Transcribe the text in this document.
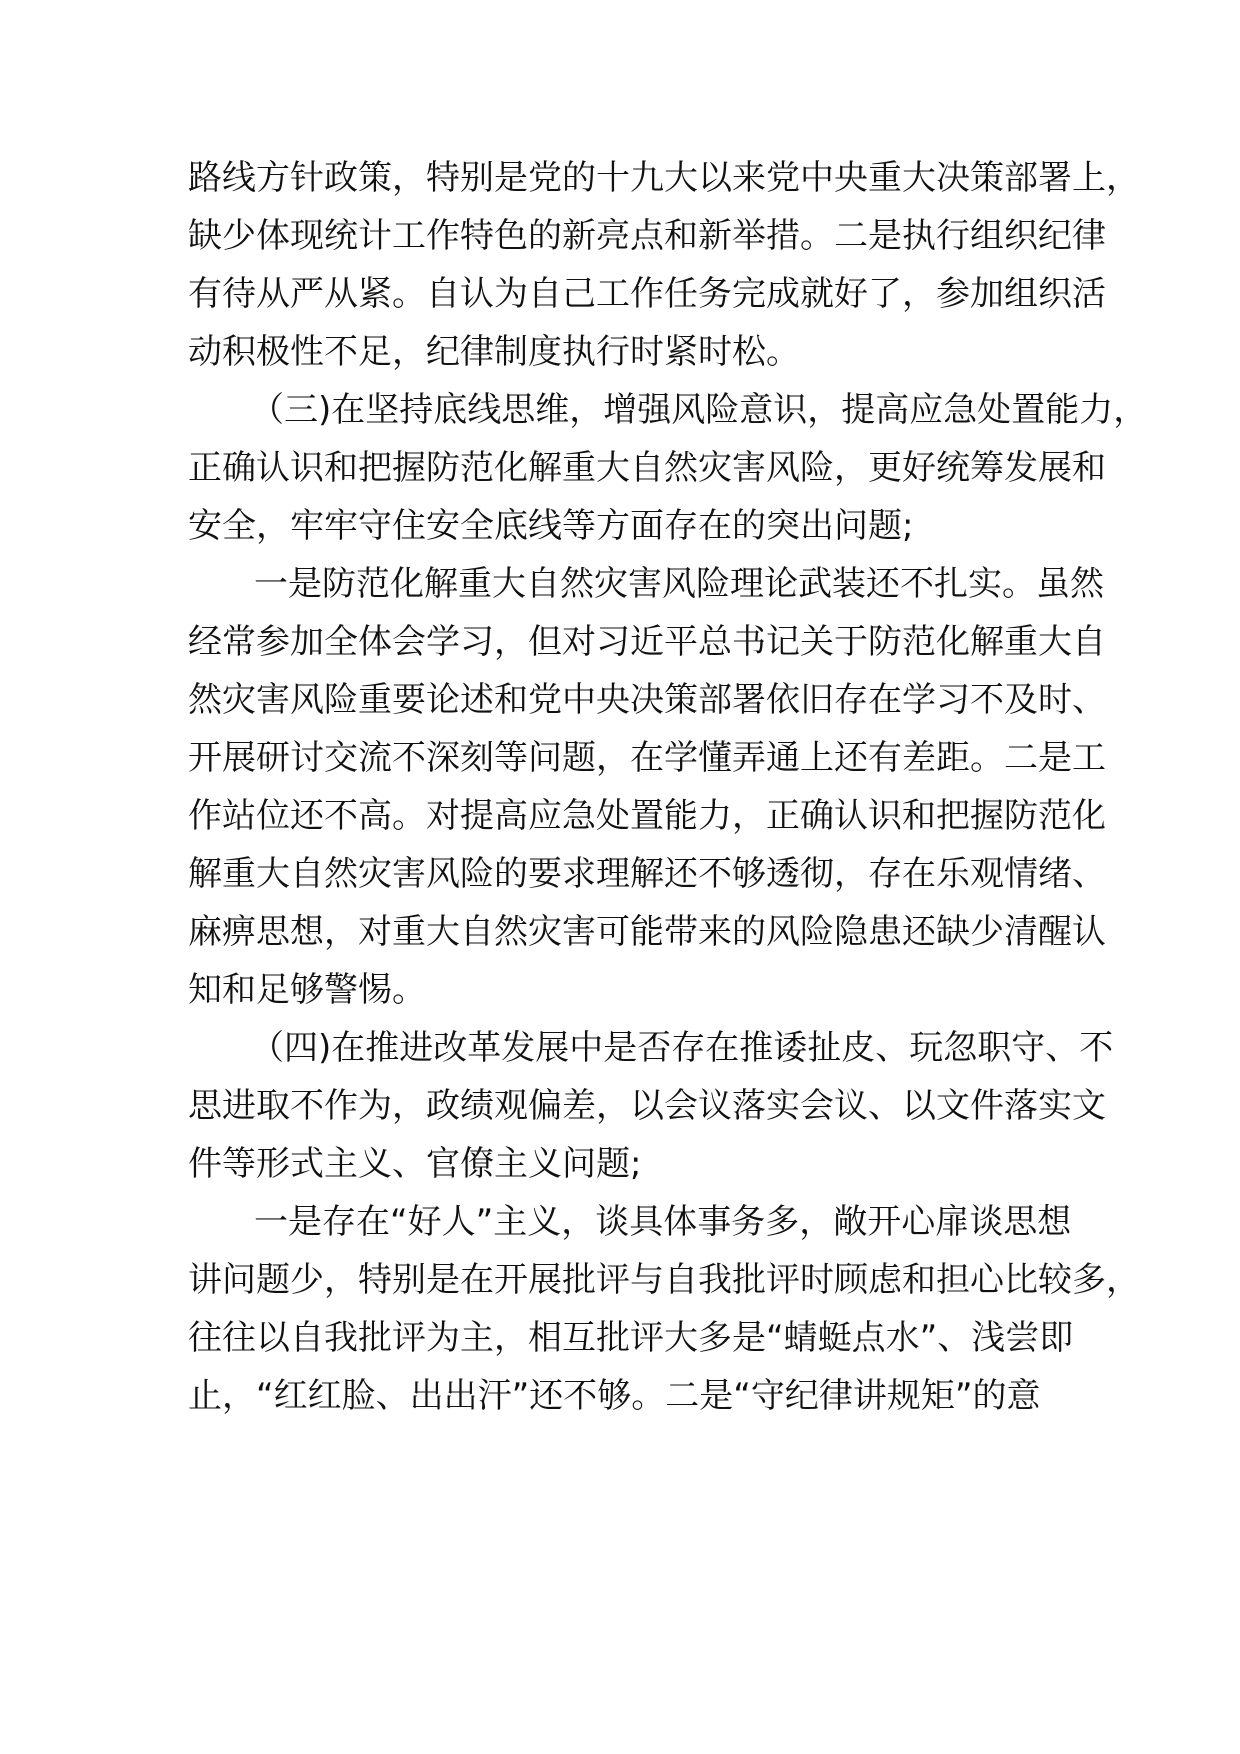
路线方针政策，特别是党的十九大以来党中央重大决策部署上，
缺少体现统计工作特色的新亮点和新举措。二是执行组织纪律
有待从严从紧。自认为自己工作任务完成就好了，参加组织活
动积极性不足，纪律制度执行时紧时松。
（三)在坚持底线思维，增强风险意识，提高应急处置能力，
正确认识和把握防范化解重大自然灾害风险，更好统筹发展和
安全，牢牢守住安全底线等方面存在的突出问题;
一是防范化解重大自然灾害风险理论武装还不扎实。虽然
经常参加全体会学习，但对习近平总书记关于防范化解重大自
然灾害风险重要论述和党中央决策部署依旧存在学习不及时、
开展研讨交流不深刻等问题，在学懂弄通上还有差距。二是工
作站位还不高。对提高应急处置能力，正确认识和把握防范化
解重大自然灾害风险的要求理解还不够透彻，存在乐观情绪、
麻痹思想，对重大自然灾害可能带来的风险隐患还缺少清醒认
知和足够警惕。
（四)在推进改革发展中是否存在推诿扯皮、玩忽职守、不
思进取不作为，政绩观偏差，以会议落实会议、以文件落实文
件等形式主义、官僚主义问题;
一是存在“好人”主义，谈具体事务多，敞开心扉谈思想
讲问题少，特别是在开展批评与自我批评时顾虑和担心比较多，
往往以自我批评为主，相互批评大多是“蜻蜓点水”、浅尝即
止，“红红脸、出出汗”还不够。二是“守纪律讲规矩”的意
